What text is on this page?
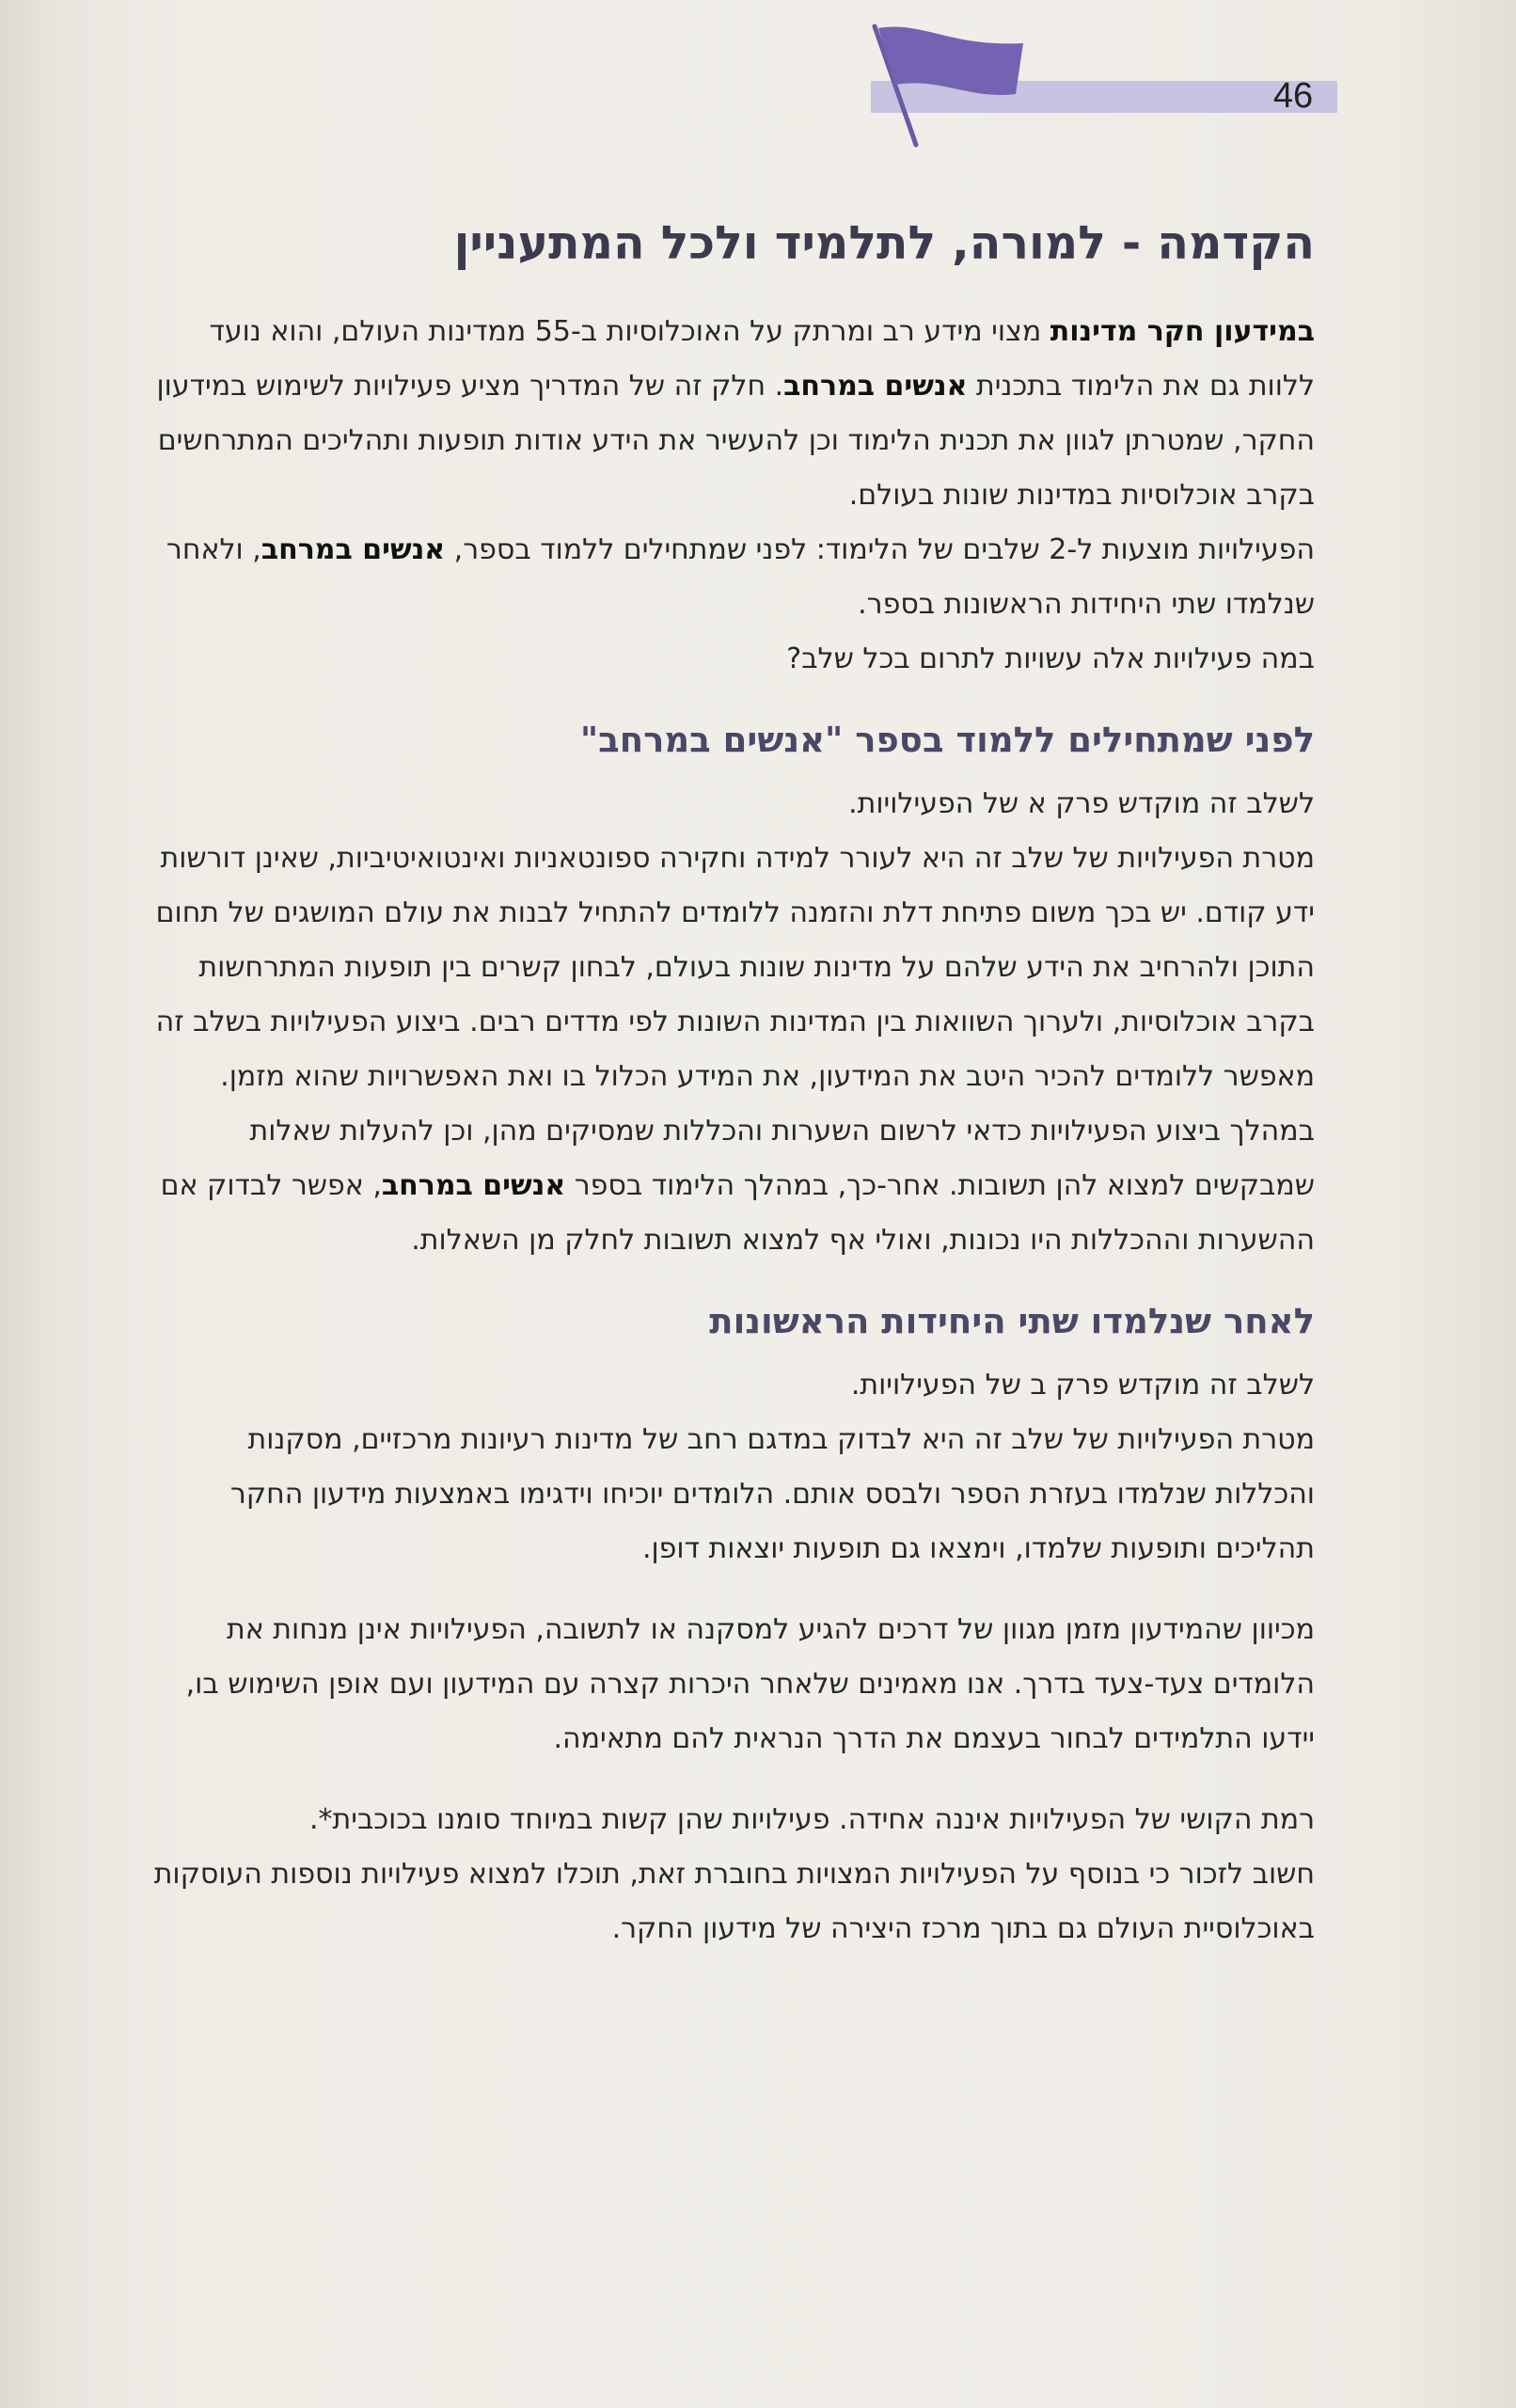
46
הקדמה - למורה, לתלמיד ולכל המתעניין

במידעון חקר מדינות מצוי מידע רב ומרתק על האוכלוסיות ב-55 ממדינות העולם, והוא נועד ללוות גם את הלימוד בתכנית אנשים במרחב. חלק זה של המדריך מציע פעילויות לשימוש במידעון החקר, שמטרתן לגוון את תכנית הלימוד וכן להעשיר את הידע אודות תופעות ותהליכים המתרחשים בקרב אוכלוסיות במדינות שונות בעולם.

הפעילויות מוצעות ל-2 שלבים של הלימוד: לפני שמתחילים ללמוד בספר, אנשים במרחב, ולאחר שנלמדו שתי היחידות הראשונות בספר.

במה פעילויות אלה עשויות לתרום בכל שלב?

לפני שמתחילים ללמוד בספר "אנשים במרחב"

לשלב זה מוקדש פרק א של הפעילויות.

מטרת הפעילויות של שלב זה היא לעורר למידה וחקירה ספונטאניות ואינטואיטיביות, שאינן דורשות ידע קודם. יש בכך משום פתיחת דלת והזמנה ללומדים להתחיל לבנות את עולם המושגים של תחום התוכן ולהרחיב את הידע שלהם על מדינות שונות בעולם, לבחון קשרים בין תופעות המתרחשות בקרב אוכלוסיות, ולערוך השוואות בין המדינות השונות לפי מדדים רבים. ביצוע הפעילויות בשלב זה מאפשר ללומדים להכיר היטב את המידעון, את המידע הכלול בו ואת האפשרויות שהוא מזמן.

במהלך ביצוע הפעילויות כדאי לרשום השערות והכללות שמסיקים מהן, וכן להעלות שאלות שמבקשים למצוא להן תשובות. אחר-כך, במהלך הלימוד בספר אנשים במרחב, אפשר לבדוק אם ההשערות וההכללות היו נכונות, ואולי אף למצוא תשובות לחלק מן השאלות.

לאחר שנלמדו שתי היחידות הראשונות

לשלב זה מוקדש פרק ב של הפעילויות.

מטרת הפעילויות של שלב זה היא לבדוק במדגם רחב של מדינות רעיונות מרכזיים, מסקנות והכללות שנלמדו בעזרת הספר ולבסס אותם. הלומדים יוכיחו וידגימו באמצעות מידעון החקר תהליכים ותופעות שלמדו, וימצאו גם תופעות יוצאות דופן.

מכיוון שהמידעון מזמן מגוון של דרכים להגיע למסקנה או לתשובה, הפעילויות אינן מנחות את הלומדים צעד-צעד בדרך. אנו מאמינים שלאחר היכרות קצרה עם המידעון ועם אופן השימוש בו, יידעו התלמידים לבחור בעצמם את הדרך הנראית להם מתאימה.

רמת הקושי של הפעילויות איננה אחידה. פעילויות שהן קשות במיוחד סומנו בכוכבית*.

חשוב לזכור כי בנוסף על הפעילויות המצויות בחוברת זאת, תוכלו למצוא פעילויות נוספות העוסקות באוכלוסיית העולם גם בתוך מרכז היצירה של מידעון החקר.
